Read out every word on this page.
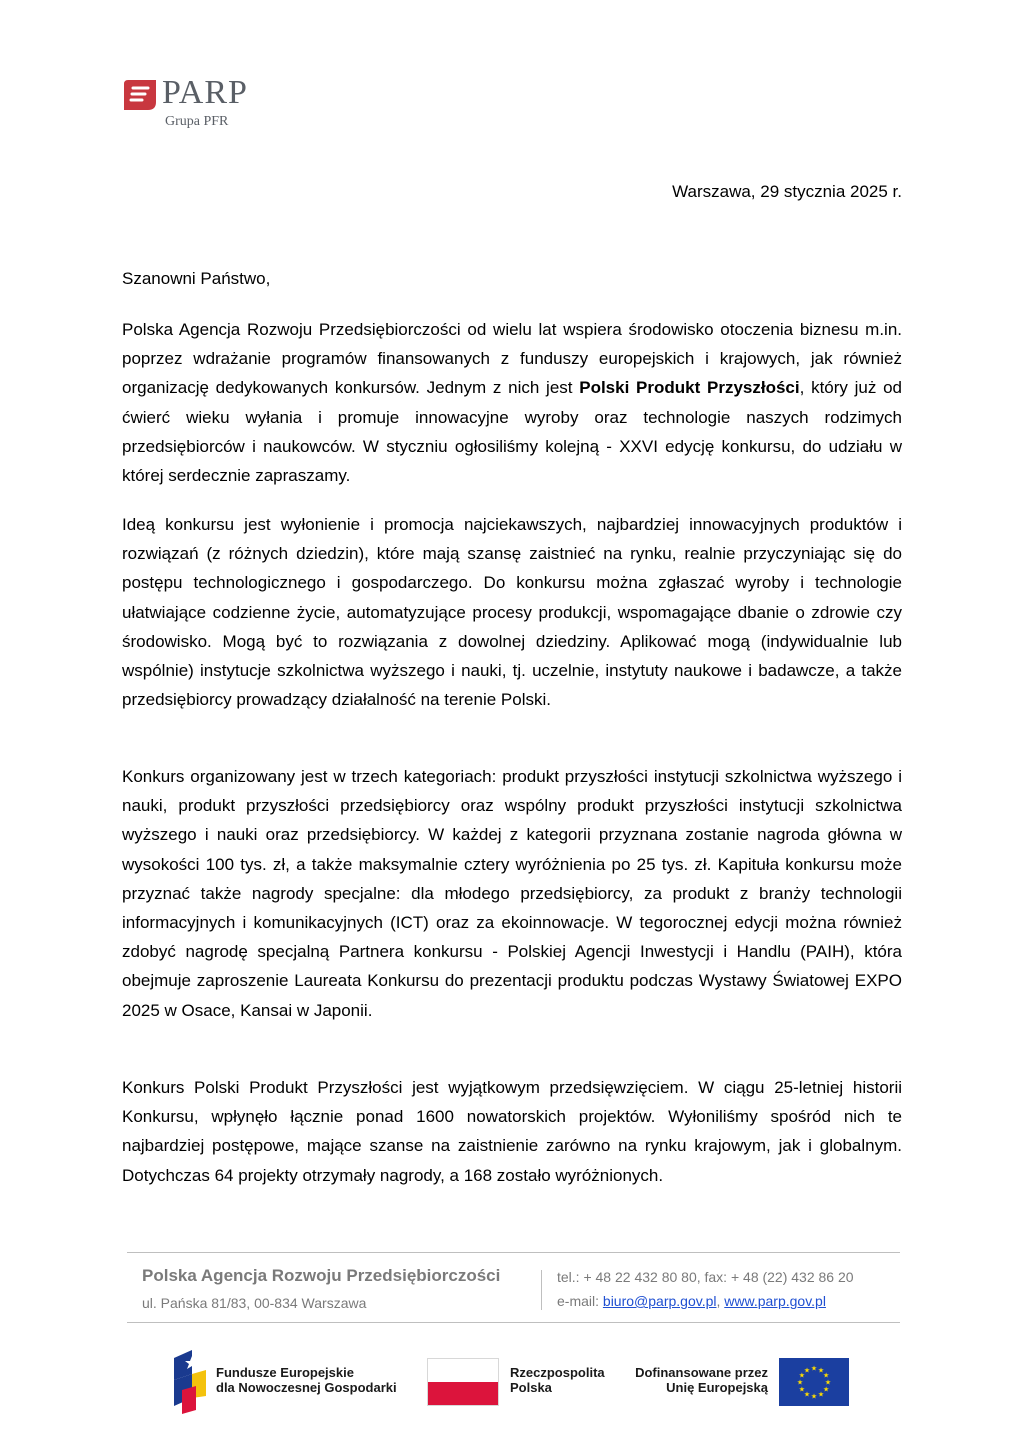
PARP
Grupa PFR
Warszawa, 29 stycznia 2025 r.
Szanowni Państwo,

Polska Agencja Rozwoju Przedsiębiorczości od wielu lat wspiera środowisko otoczenia biznesu m.in. poprzez wdrażanie programów finansowanych z funduszy europejskich i krajowych, jak również organizację dedykowanych konkursów. Jednym z nich jest Polski Produkt Przyszłości, który już od ćwierć wieku wyłania i promuje innowacyjne wyroby oraz technologie naszych rodzimych przedsiębiorców i naukowców. W styczniu ogłosiliśmy kolejną - XXVI edycję konkursu, do udziału w której serdecznie zapraszamy.

Ideą konkursu jest wyłonienie i promocja najciekawszych, najbardziej innowacyjnych produktów i rozwiązań (z różnych dziedzin), które mają szansę zaistnieć na rynku, realnie przyczyniając się do postępu technologicznego i gospodarczego. Do konkursu można zgłaszać wyroby i technologie ułatwiające codzienne życie, automatyzujące procesy produkcji, wspomagające dbanie o zdrowie czy środowisko. Mogą być to rozwiązania z dowolnej dziedziny. Aplikować mogą (indywidualnie lub wspólnie) instytucje szkolnictwa wyższego i nauki, tj. uczelnie, instytuty naukowe i badawcze, a także przedsiębiorcy prowadzący działalność na terenie Polski.

Konkurs organizowany jest w trzech kategoriach: produkt przyszłości instytucji szkolnictwa wyższego i nauki, produkt przyszłości przedsiębiorcy oraz wspólny produkt przyszłości instytucji szkolnictwa wyższego i nauki oraz przedsiębiorcy. W każdej z kategorii przyznana zostanie nagroda główna w wysokości 100 tys. zł, a także maksymalnie cztery wyróżnienia po 25 tys. zł. Kapituła konkursu może przyznać także nagrody specjalne: dla młodego przedsiębiorcy, za produkt z branży technologii informacyjnych i komunikacyjnych (ICT) oraz za ekoinnowacje. W tegorocznej edycji można również zdobyć nagrodę specjalną Partnera konkursu - Polskiej Agencji Inwestycji i Handlu (PAIH), która obejmuje zaproszenie Laureata Konkursu do prezentacji produktu podczas Wystawy Światowej EXPO 2025 w Osace, Kansai w Japonii.

Konkurs Polski Produkt Przyszłości jest wyjątkowym przedsięwzięciem. W ciągu 25-letniej historii Konkursu, wpłynęło łącznie ponad 1600 nowatorskich projektów. Wyłoniliśmy spośród nich te najbardziej postępowe, mające szanse na zaistnienie zarówno na rynku krajowym, jak i globalnym. Dotychczas 64 projekty otrzymały nagrody, a 168 zostało wyróżnionych.

Polska Agencja Rozwoju Przedsiębiorczości
ul. Pańska 81/83, 00-834 Warszawa
tel.: + 48 22 432 80 80, fax: + 48 (22) 432 86 20
e-mail: biuro@parp.gov.pl, www.parp.gov.pl
Fundusze Europejskie
dla Nowoczesnej Gospodarki
Rzeczpospolita
Polska
Dofinansowane przez
Unię Europejską
★ ★
★
★
★
★
★
★
★
★
★
★
